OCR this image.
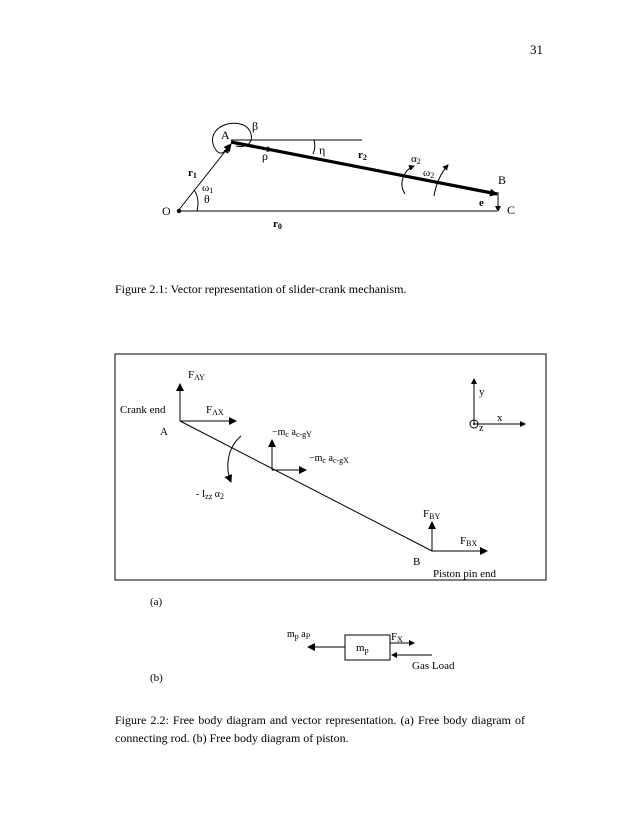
31
O
A
B
C
β
ρ	η
r1
r2
r0
ω1
θ
α2
ω2
e
FAY
Crank end	FAX
A	$-m_c$ $a_{c-gY}$
$-m_c$ $a_{c-gX}$
- $I_{zz}$ $\alpha_2$
FBY
FBX
B
Piston pin end
y
x
z
(a)
(b)
mp
$m_p$ $a_P$	FX
Gas Load
Figure 2.1: Vector representation of slider-crank mechanism.
Figure 2.2: Free body diagram and vector representation. (a) Free body diagram of connecting rod. (b) Free body diagram of piston.
